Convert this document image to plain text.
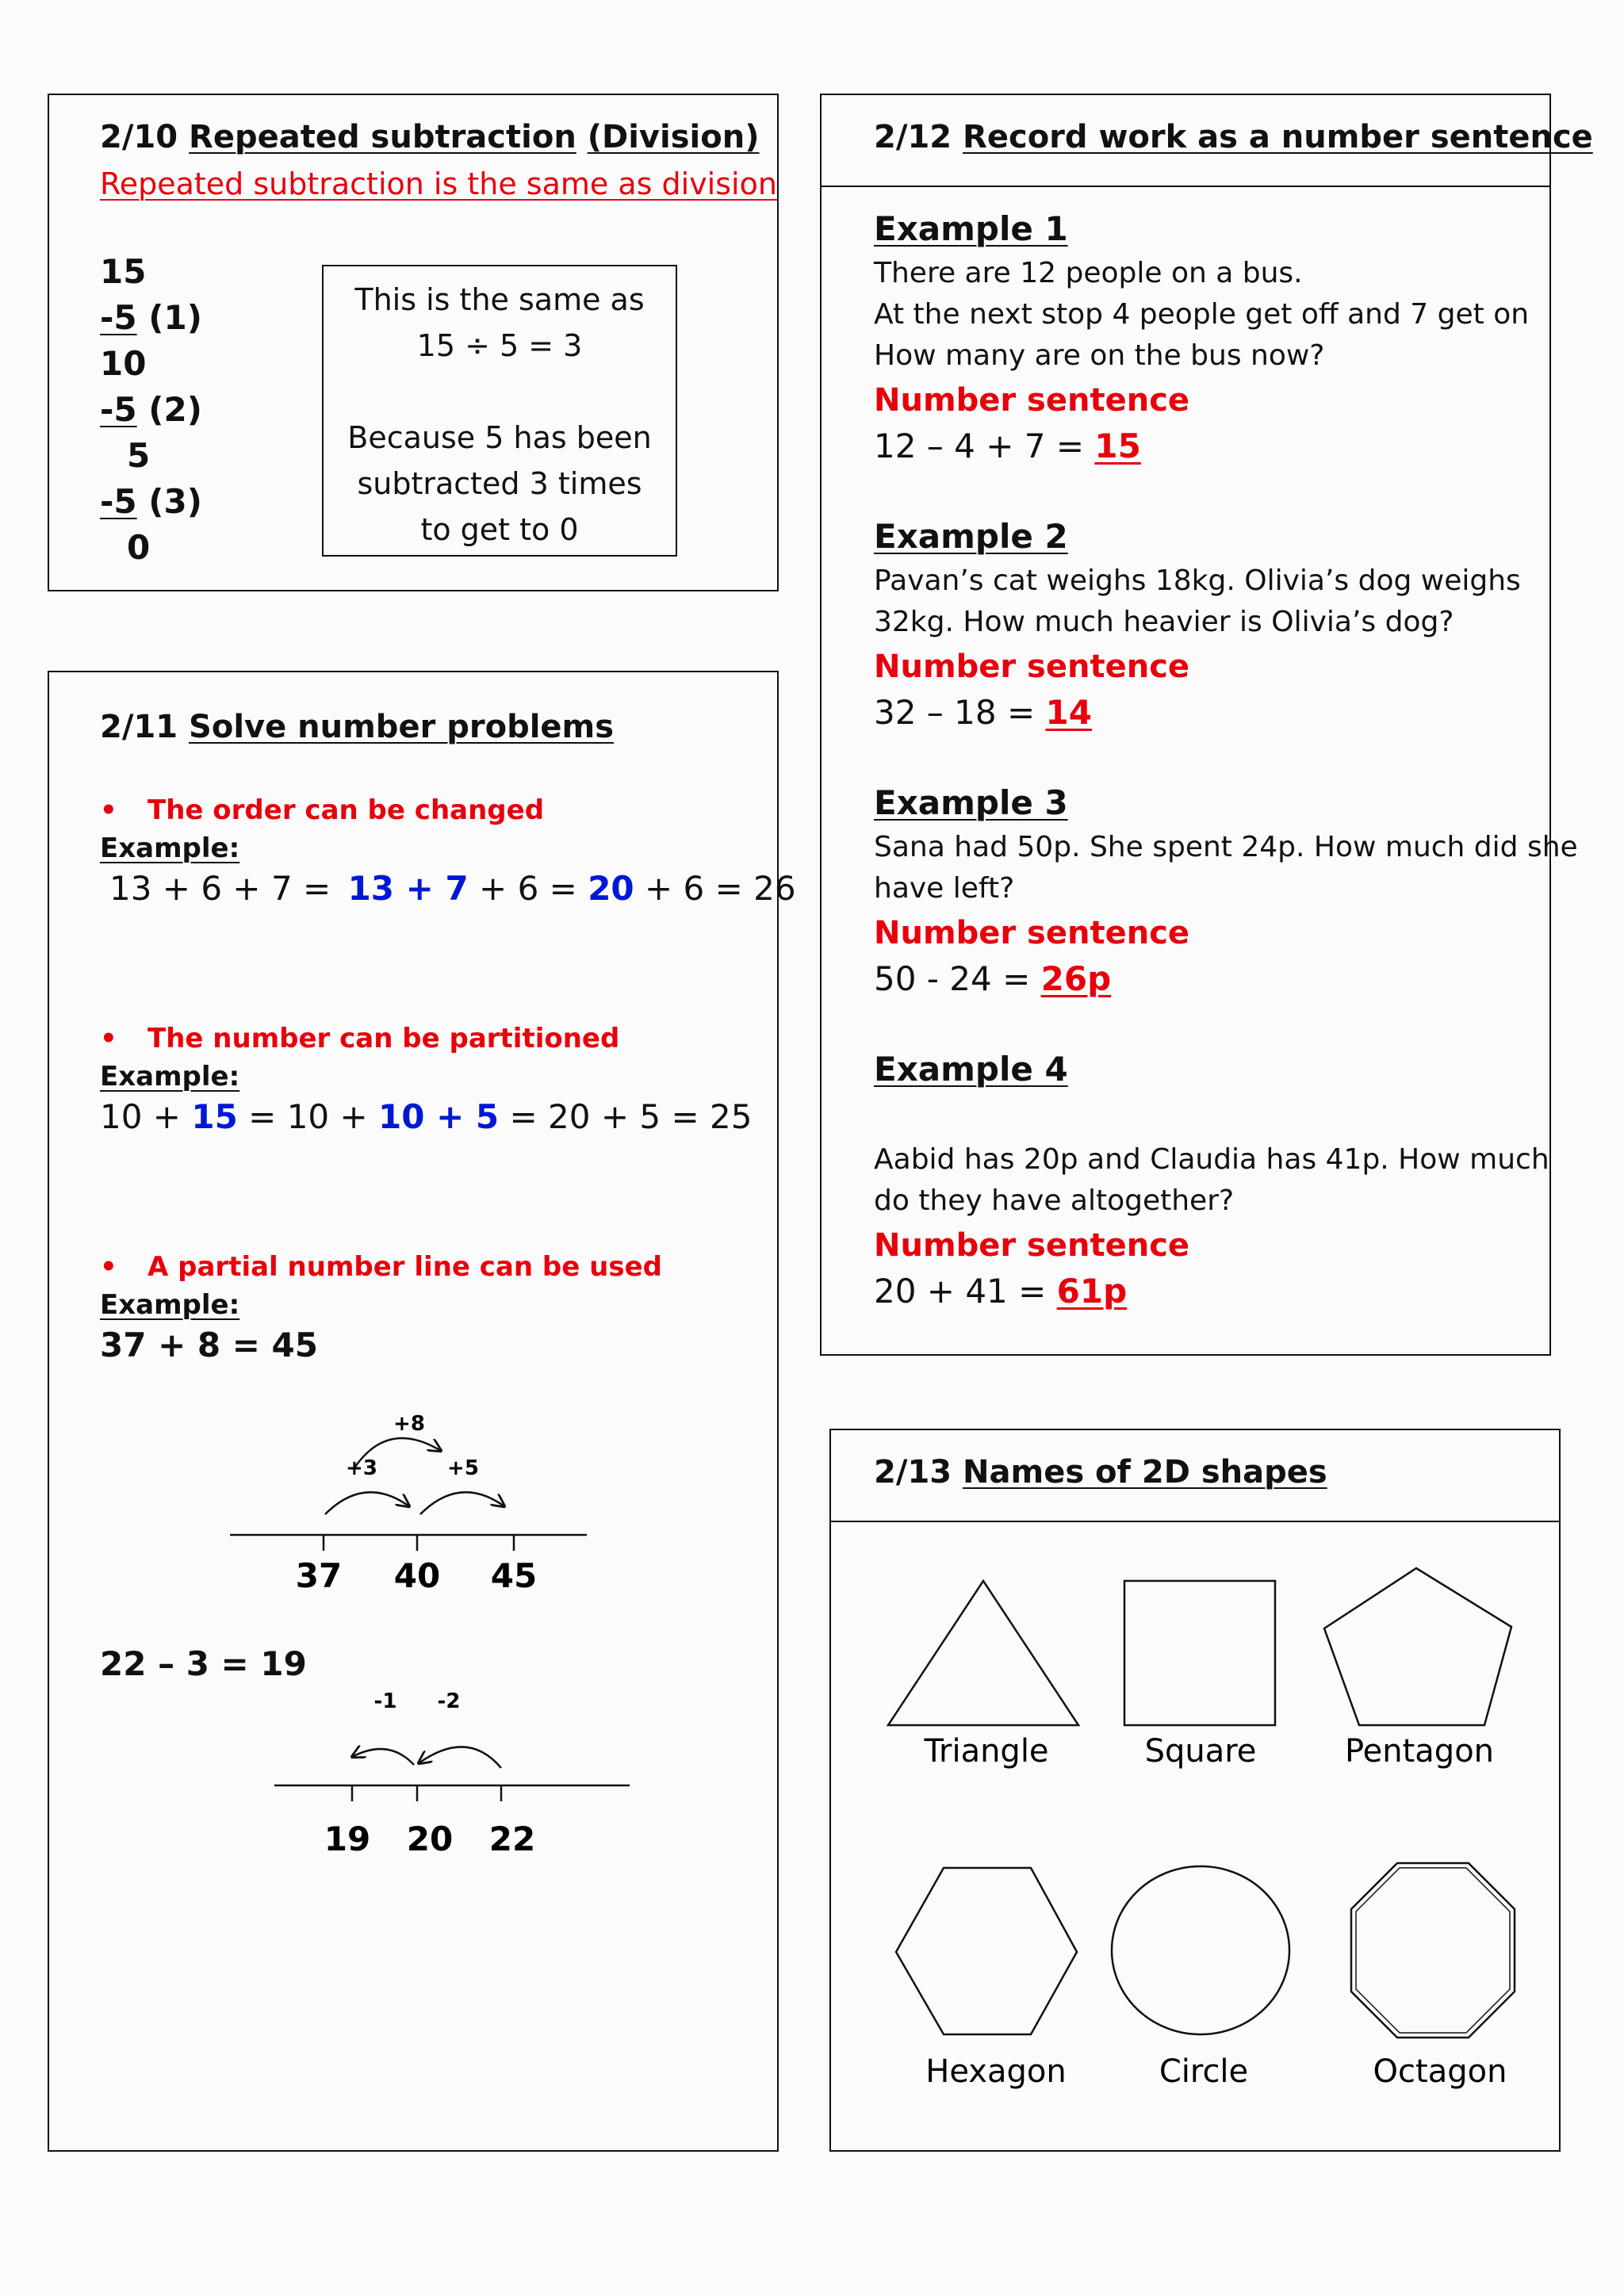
2/10 Repeated subtraction (Division)
Repeated subtraction is the same as division
15
-5 (1)
10
-5 (2)
5
-5 (3)
0
This is the same as
15 ÷ 5 = 3
Because 5 has been
subtracted 3 times
to get to 0
2/11 Solve number problems
• The order can be changed
Example:
13 + 6 + 7 = 13 + 7 + 6 = 20 + 6 = 26
• The number can be partitioned
Example:
10 + 15 = 10 + 10 + 5 = 20 + 5 = 25
• A partial number line can be used
Example:
37 + 8 = 45
+8
+3	+5
37 40 45
22 – 3 = 19
-1 -2
19 20 22
2/12 Record work as a number sentence
Example 1
There are 12 people on a bus.
At the next stop 4 people get off and 7 get on
How many are on the bus now?
Number sentence
12 – 4 + 7 = 15
Example 2
Pavan’s cat weighs 18kg. Olivia’s dog weighs
32kg. How much heavier is Olivia’s dog?
Number sentence
32 – 18 = 14
Example 3
Sana had 50p. She spent 24p. How much did she
have left?
Number sentence
50 - 24 = 26p
Example 4
Aabid has 20p and Claudia has 41p. How much
do they have altogether?
Number sentence
20 + 41 = 61p
2/13 Names of 2D shapes
Triangle	Square	Pentagon
Hexagon	Circle	Octagon
